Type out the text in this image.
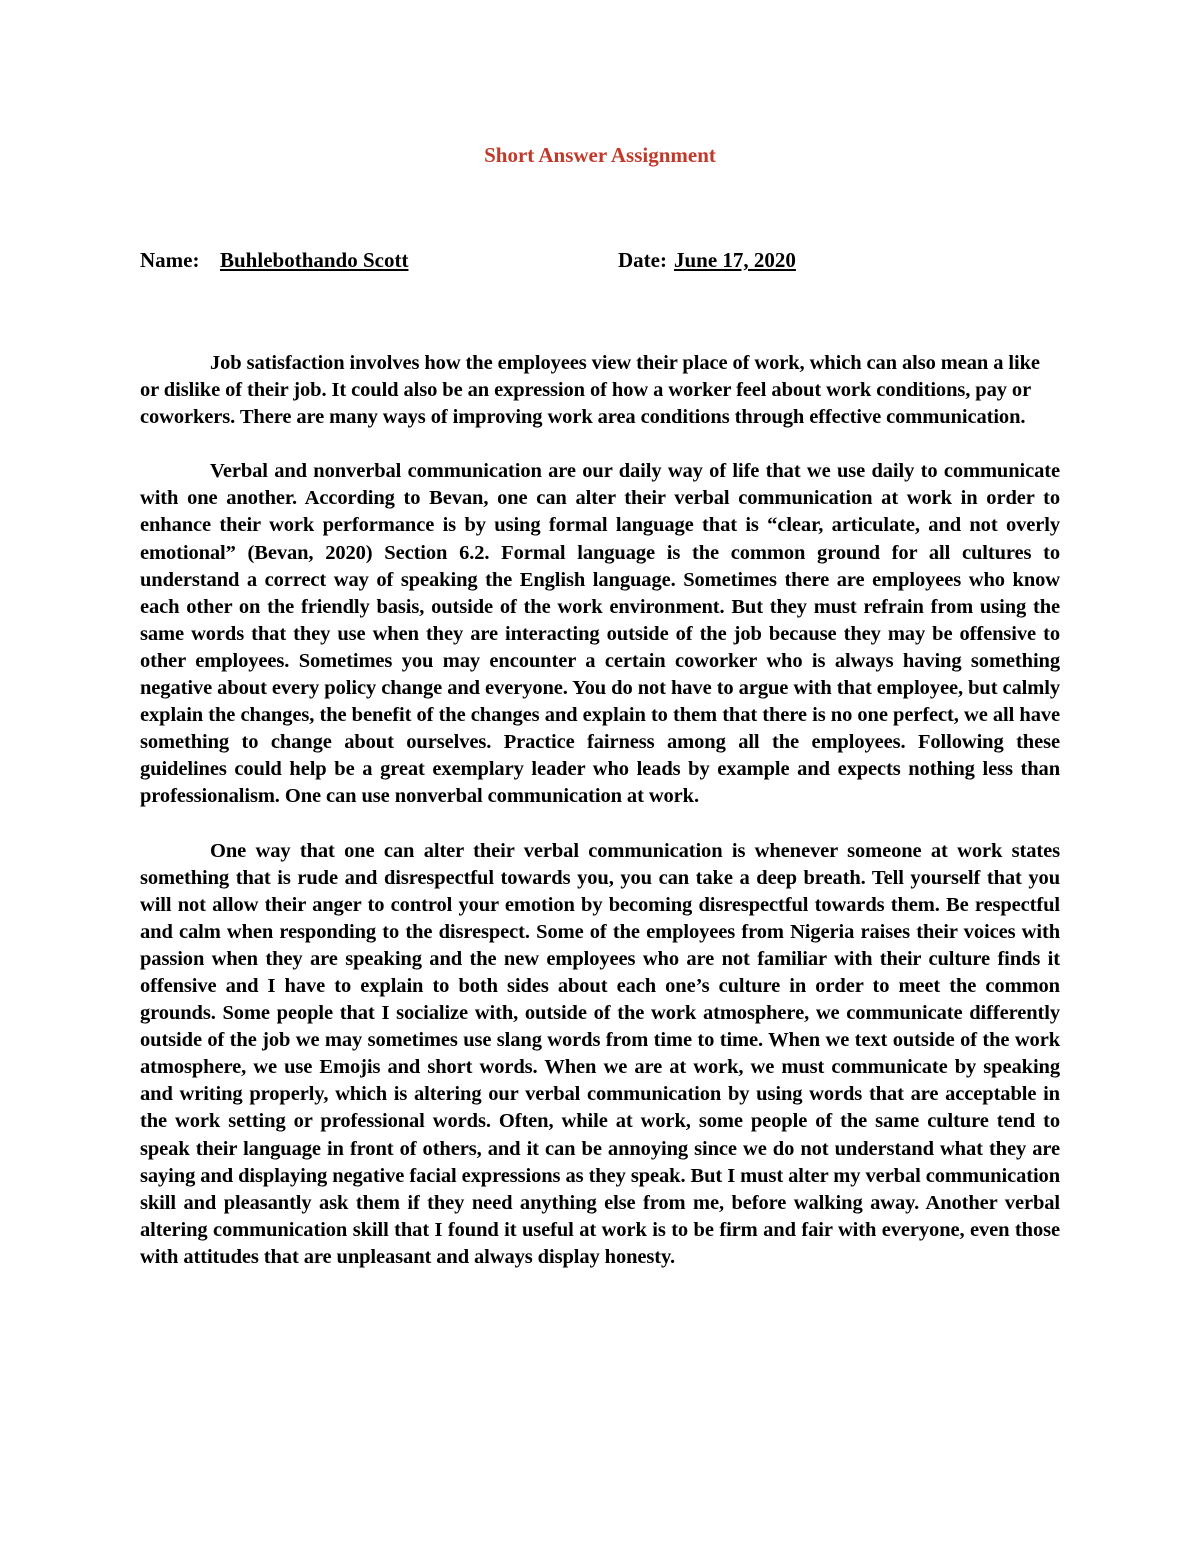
Short Answer Assignment
Name: Buhlebothando Scott	Date: June 17, 2020

Job satisfaction involves how the employees view their place of work, which can also mean a like or dislike of their job. It could also be an expression of how a worker feel about work conditions, pay or coworkers. There are many ways of improving work area conditions through effective communication.

Verbal and nonverbal communication are our daily way of life that we use daily to communicate with one another. According to Bevan, one can alter their verbal communication at work in order to enhance their work performance is by using formal language that is “clear, articulate, and not overly emotional” (Bevan, 2020) Section 6.2. Formal language is the common ground for all cultures to understand a correct way of speaking the English language. Sometimes there are employees who know each other on the friendly basis, outside of the work environment. But they must refrain from using the same words that they use when they are interacting outside of the job because they may be offensive to other employees. Sometimes you may encounter a certain coworker who is always having something negative about every policy change and everyone. You do not have to argue with that employee, but calmly explain the changes, the benefit of the changes and explain to them that there is no one perfect, we all have something to change about ourselves. Practice fairness among all the employees. Following these guidelines could help be a great exemplary leader who leads by example and expects nothing less than professionalism. One can use nonverbal communication at work.

One way that one can alter their verbal communication is whenever someone at work states something that is rude and disrespectful towards you, you can take a deep breath. Tell yourself that you will not allow their anger to control your emotion by becoming disrespectful towards them. Be respectful and calm when responding to the disrespect. Some of the employees from Nigeria raises their voices with passion when they are speaking and the new employees who are not familiar with their culture finds it offensive and I have to explain to both sides about each one’s culture in order to meet the common grounds. Some people that I socialize with, outside of the work atmosphere, we communicate differently outside of the job we may sometimes use slang words from time to time. When we text outside of the work atmosphere, we use Emojis and short words. When we are at work, we must communicate by speaking and writing properly, which is altering our verbal communication by using words that are acceptable in the work setting or professional words. Often, while at work, some people of the same culture tend to speak their language in front of others, and it can be annoying since we do not understand what they are saying and displaying negative facial expressions as they speak. But I must alter my verbal communication skill and pleasantly ask them if they need anything else from me, before walking away. Another verbal altering communication skill that I found it useful at work is to be firm and fair with everyone, even those with attitudes that are unpleasant and always display honesty.
